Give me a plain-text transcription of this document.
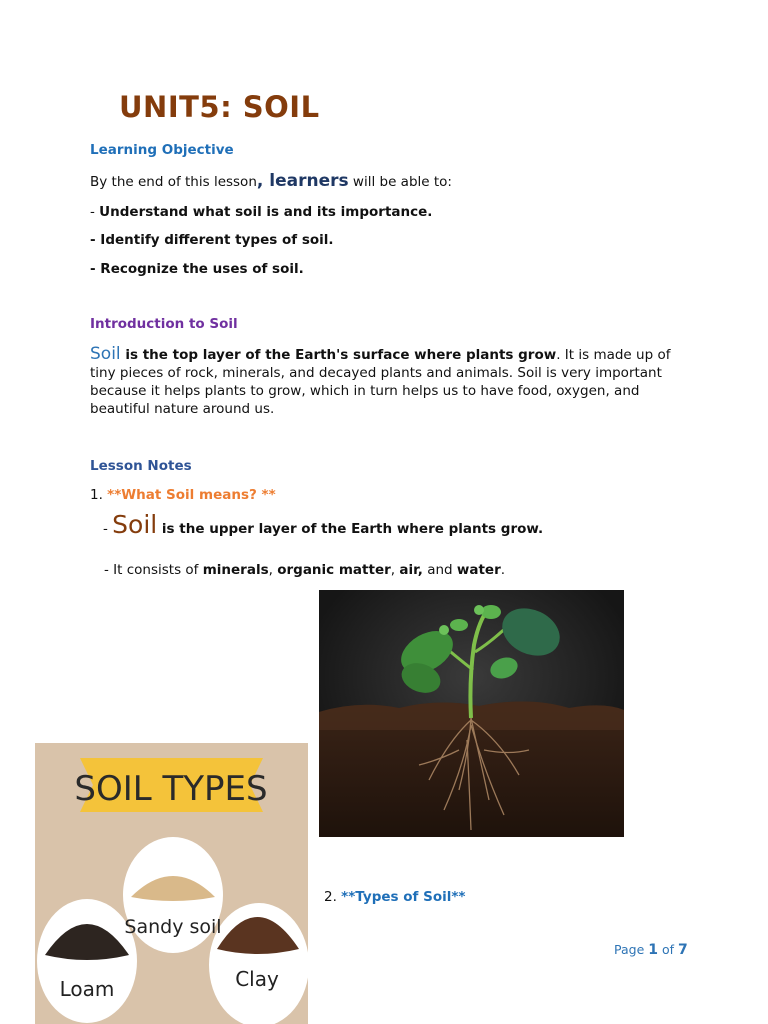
UNIT5: SOIL
Learning Objective
By the end of this lesson, learners will be able to:
- Understand what soil is and its importance.
- Identify different types of soil.
- Recognize the uses of soil.
Introduction to Soil
Soil is the top layer of the Earth's surface where plants grow. It is made up of tiny pieces of rock, minerals, and decayed plants and animals. Soil is very important because it helps plants to grow, which in turn helps us to have food, oxygen, and beautiful nature around us.
Lesson Notes
1. **What Soil means? **
- Soil is the upper layer of the Earth where plants grow.
- It consists of minerals, organic matter, air, and water.
SOIL TYPES
Sandy soil
Loam	Clay
2. **Types of Soil**
Page 1 of 7
